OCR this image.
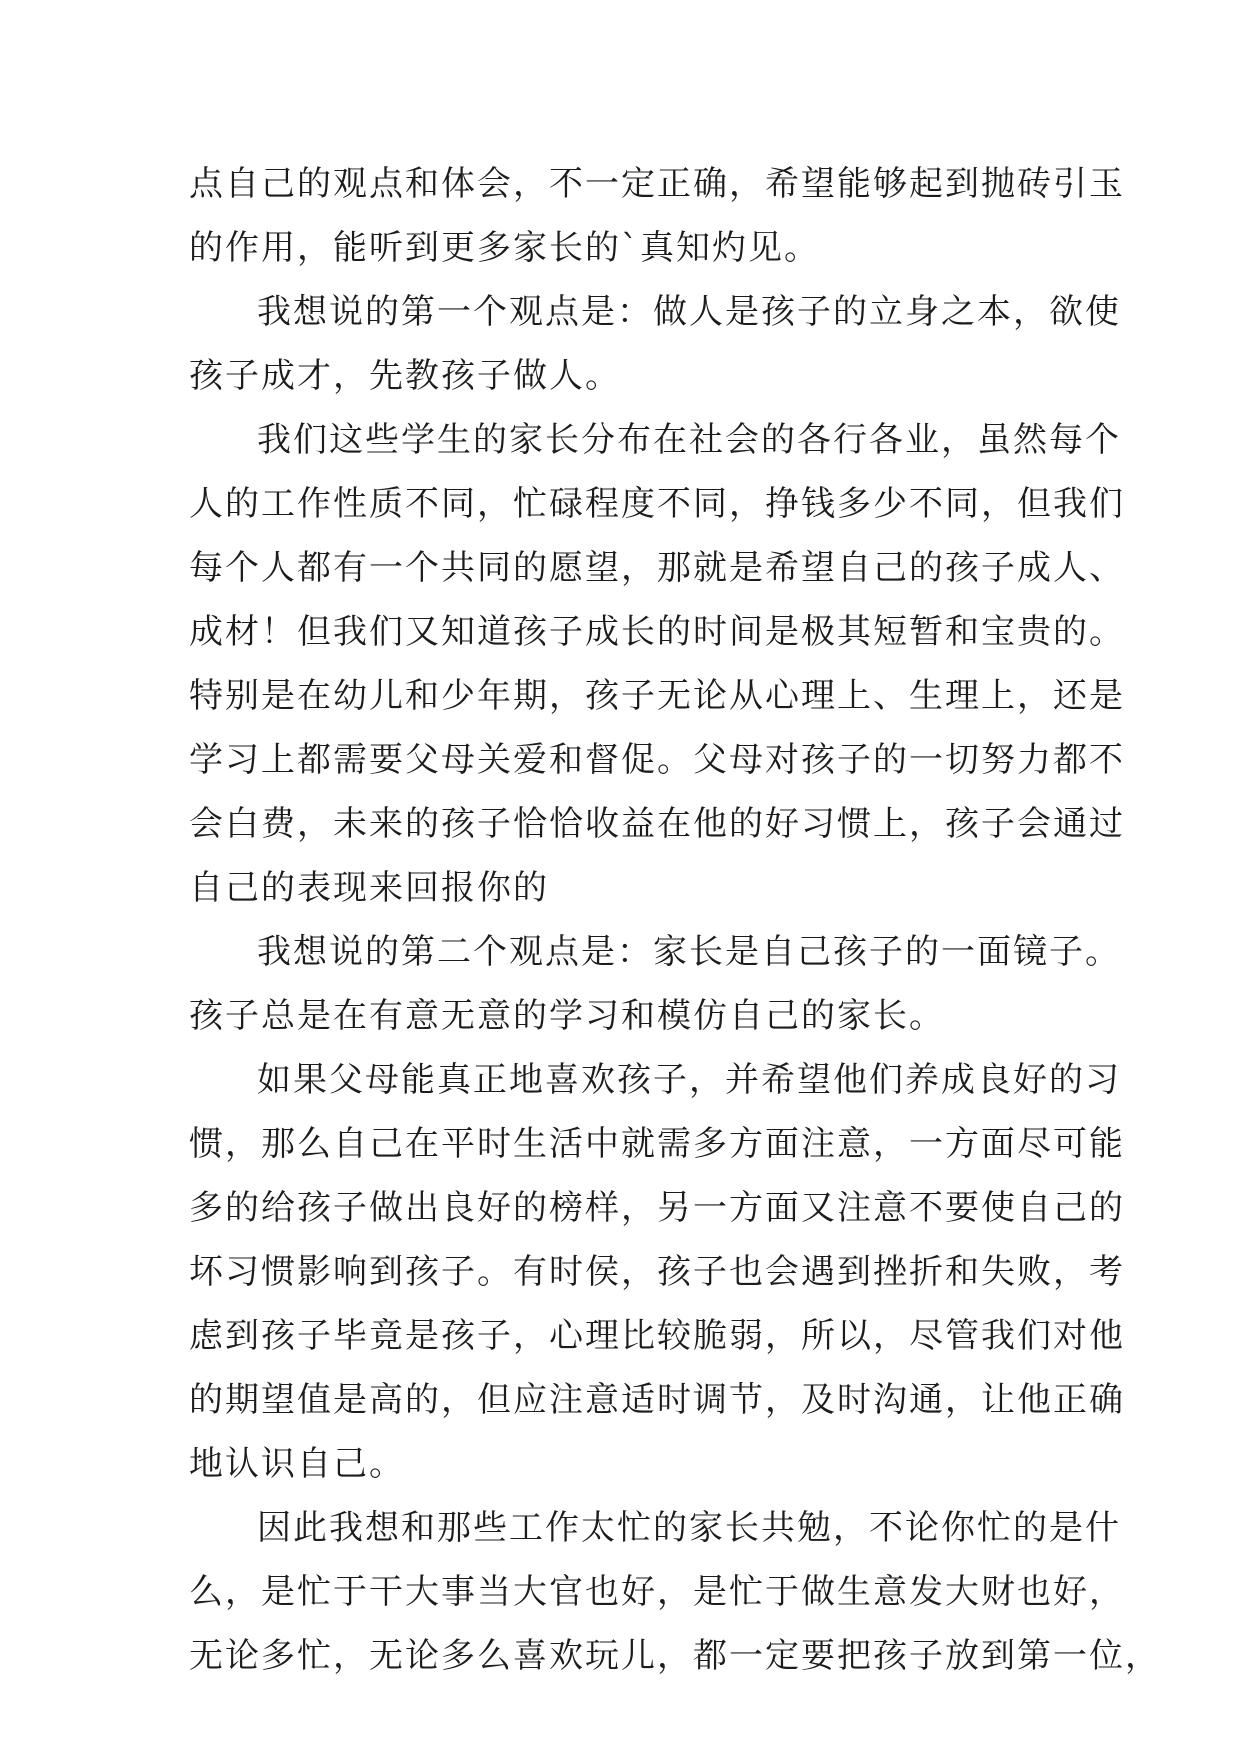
点自己的观点和体会，不一定正确，希望能够起到抛砖引玉
的作用，能听到更多家长的`真知灼见。
我想说的第一个观点是：做人是孩子的立身之本，欲使
孩子成才，先教孩子做人。
我们这些学生的家长分布在社会的各行各业，虽然每个
人的工作性质不同，忙碌程度不同，挣钱多少不同，但我们
每个人都有一个共同的愿望，那就是希望自己的孩子成人、
成材！但我们又知道孩子成长的时间是极其短暂和宝贵的。
特别是在幼儿和少年期，孩子无论从心理上、生理上，还是
学习上都需要父母关爱和督促。父母对孩子的一切努力都不
会白费，未来的孩子恰恰收益在他的好习惯上，孩子会通过
自己的表现来回报你的
我想说的第二个观点是：家长是自己孩子的一面镜子。
孩子总是在有意无意的学习和模仿自己的家长。
如果父母能真正地喜欢孩子，并希望他们养成良好的习
惯，那么自己在平时生活中就需多方面注意，一方面尽可能
多的给孩子做出良好的榜样，另一方面又注意不要使自己的
坏习惯影响到孩子。有时侯，孩子也会遇到挫折和失败，考
虑到孩子毕竟是孩子，心理比较脆弱，所以，尽管我们对他
的期望值是高的，但应注意适时调节，及时沟通，让他正确
地认识自己。
因此我想和那些工作太忙的家长共勉，不论你忙的是什
么，是忙于干大事当大官也好，是忙于做生意发大财也好，
无论多忙，无论多么喜欢玩儿，都一定要把孩子放到第一位，
